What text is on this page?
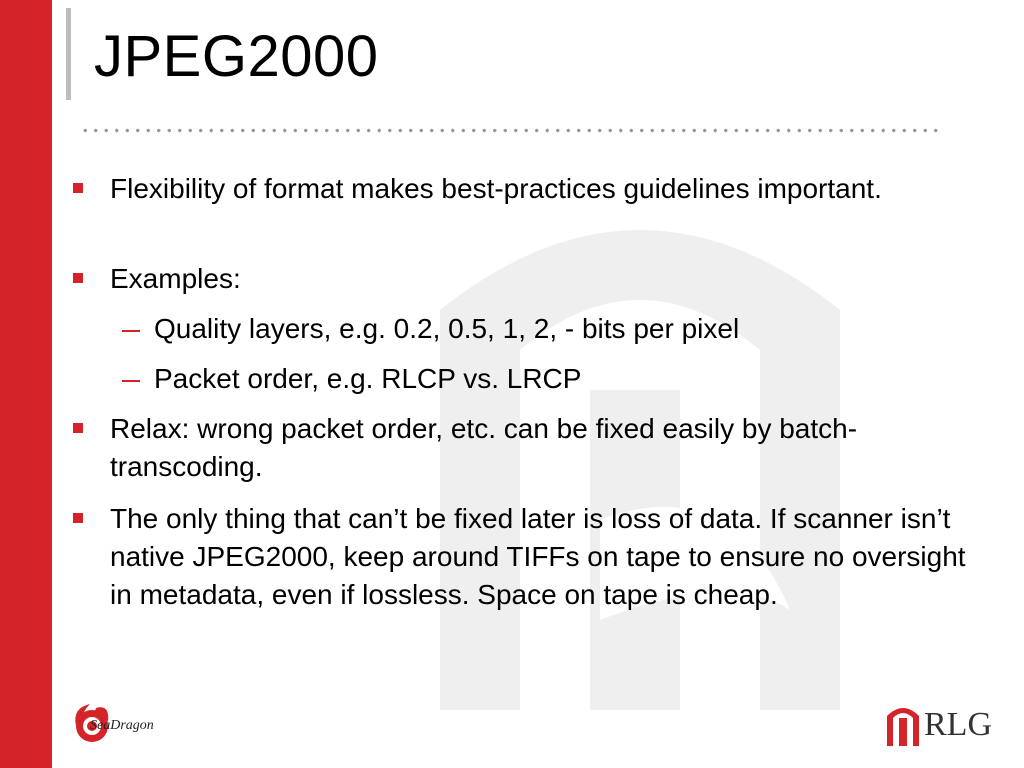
JPEG2000
Flexibility of format makes best-practices guidelines important.
Examples:
Quality layers, e.g. 0.2, 0.5, 1, 2, - bits per pixel
Packet order, e.g. RLCP vs. LRCP
Relax: wrong packet order, etc. can be fixed easily by batch-transcoding.
The only thing that can’t be fixed later is loss of data. If scanner isn’t native JPEG2000, keep around TIFFs on tape to ensure no oversight in metadata, even if lossless. Space on tape is cheap.
SeaDragon	RLG
